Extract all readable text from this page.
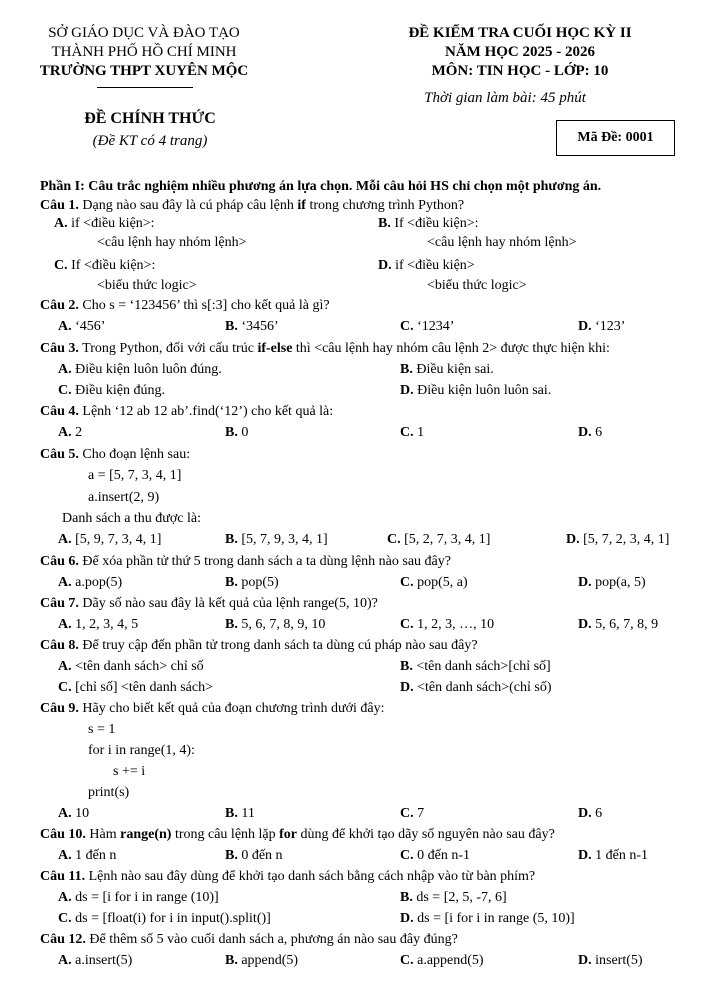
SỞ GIÁO DỤC VÀ ĐÀO TẠO
THÀNH PHỐ HỒ CHÍ MINH
TRƯỜNG THPT XUYÊN MỘC
ĐỀ KIỂM TRA CUỐI HỌC KỲ II
NĂM HỌC 2025 - 2026
MÔN: TIN HỌC - LỚP: 10
Thời gian làm bài: 45 phút
ĐỀ CHÍNH THỨC
(Đề KT có 4 trang)	Mã Đề: 0001
Phần I: Câu trắc nghiệm nhiều phương án lựa chọn. Mỗi câu hỏi HS chỉ chọn một phương án.
Câu 1. Dạng nào sau đây là cú pháp câu lệnh if trong chương trình Python?
A. if <điều kiện>:
<câu lệnh hay nhóm lệnh>
B. If <điều kiện>:
<câu lệnh hay nhóm lệnh>
C. If <điều kiện>:
<biểu thức logic>
D. if <điều kiện>
<biểu thức logic>
Câu 2. Cho s = ‘123456’ thì s[:3] cho kết quả là gì?
A. ‘456’	B. ‘3456’	C. ‘1234’	D. ‘123’
Câu 3. Trong Python, đối với cấu trúc if-else thì <câu lệnh hay nhóm câu lệnh 2> được thực hiện khi:
A. Điều kiện luôn luôn đúng.	B. Điều kiện sai.
C. Điều kiện đúng.	D. Điều kiện luôn luôn sai.
Câu 4. Lệnh ‘12 ab 12 ab’.find(‘12’) cho kết quả là:
A. 2	B. 0	C. 1	D. 6
Câu 5. Cho đoạn lệnh sau:
a = [5, 7, 3, 4, 1]
a.insert(2, 9)
Danh sách a thu được là:
A. [5, 9, 7, 3, 4, 1]	B. [5, 7, 9, 3, 4, 1]	C. [5, 2, 7, 3, 4, 1]	D. [5, 7, 2, 3, 4, 1]
Câu 6. Để xóa phần tử thứ 5 trong danh sách a ta dùng lệnh nào sau đây?
A. a.pop(5)	B. pop(5)	C. pop(5, a)	D. pop(a, 5)
Câu 7. Dãy số nào sau đây là kết quả của lệnh range(5, 10)?
A. 1, 2, 3, 4, 5	B. 5, 6, 7, 8, 9, 10	C. 1, 2, 3, …, 10	D. 5, 6, 7, 8, 9
Câu 8. Để truy cập đến phần tử trong danh sách ta dùng cú pháp nào sau đây?
A. <tên danh sách> chỉ số	B. <tên danh sách>[chỉ số]
C. [chỉ số] <tên danh sách>	D. <tên danh sách>(chỉ số)
Câu 9. Hãy cho biết kết quả của đoạn chương trình dưới đây:
s = 1
for i in range(1, 4):
s += i
print(s)
A. 10	B. 11	C. 7	D. 6
Câu 10. Hàm range(n) trong câu lệnh lặp for dùng để khởi tạo dãy số nguyên nào sau đây?
A. 1 đến n	B. 0 đến n	C. 0 đến n-1	D. 1 đến n-1
Câu 11. Lệnh nào sau đây dùng để khởi tạo danh sách bằng cách nhập vào từ bàn phím?
A. ds = [i for i in range (10)]	B. ds = [2, 5, -7, 6]
C. ds = [float(i) for i in input().split()]	D. ds = [i for i in range (5, 10)]
Câu 12. Để thêm số 5 vào cuối danh sách a, phương án nào sau đây đúng?
A. a.insert(5)	B. append(5)	C. a.append(5)	D. insert(5)
